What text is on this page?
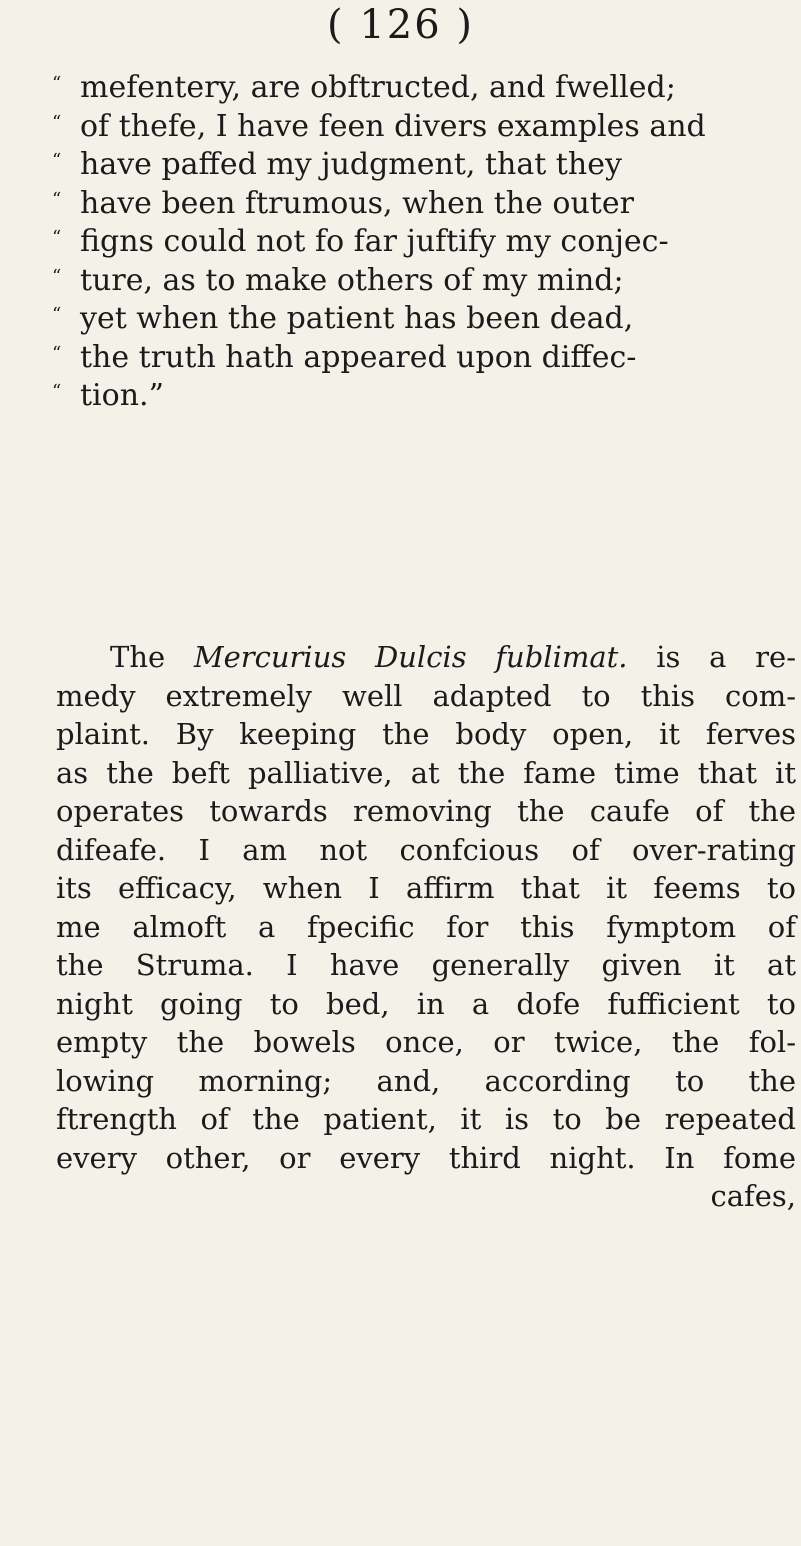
( 126 )
“ mefentery, are obftructed, and fwelled;
“ of thefe, I have feen divers examples and
“ have paffed my judgment, that they
“ have been ftrumous, when the outer
“ figns could not fo far juftify my conjec-
“ ture, as to make others of my mind;
“ yet when the patient has been dead,
“ the truth hath appeared upon diffec-
“ tion.”
The Mercurius Dulcis fublimat. is a re-
medy extremely well adapted to this com-
plaint. By keeping the body open, it ferves
as the beft palliative, at the fame time that it
operates towards removing the caufe of the
difeafe. I am not confcious of over-rating
its efficacy, when I affirm that it feems to
me almoft a fpecific for this fymptom of
the Struma. I have generally given it at
night going to bed, in a dofe fufficient to
empty the bowels once, or twice, the fol-
lowing morning; and, according to the
ftrength of the patient, it is to be repeated
every other, or every third night. In fome
cafes,
